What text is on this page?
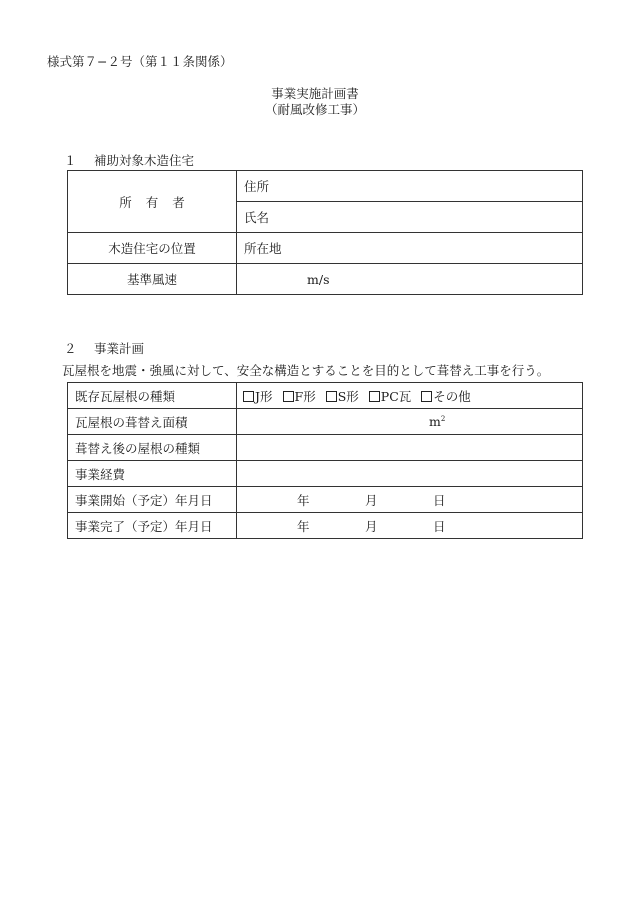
様式第７−２号（第１１条関係）
事業実施計画書
（耐風改修工事）
１ 補助対象木造住宅
所有者	住所
	氏名
木造住宅の位置	所在地
基準風速	m/s
２ 事業計画
瓦屋根を地震・強風に対して、安全な構造とすることを目的として葺替え工事を行う。
既存瓦屋根の種類	J形 F形 S形 PC瓦 その他
瓦屋根の葺替え面積	$m^2$
葺替え後の屋根の種類	
事業経費	
事業開始（予定）年月日	年 月 日
事業完了（予定）年月日	年 月 日
